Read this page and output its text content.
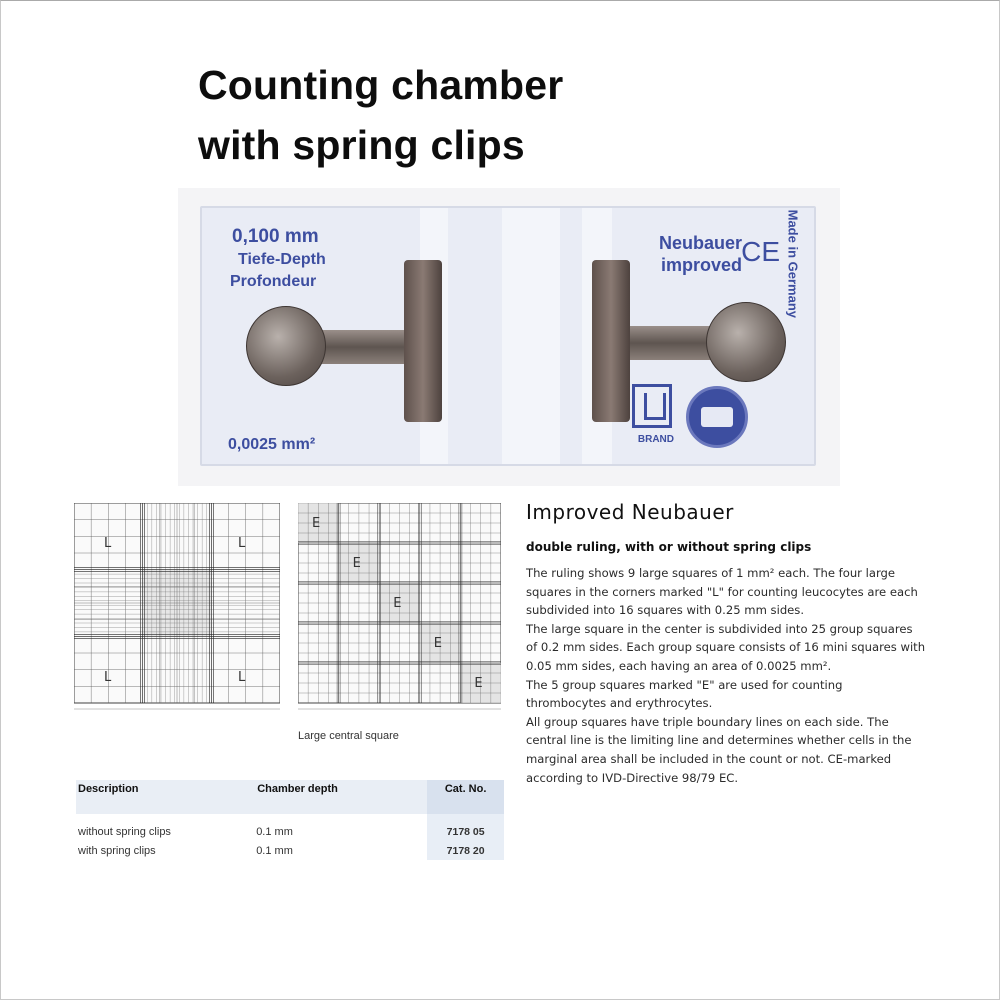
Counting chamber
with spring clips
0,100 mm
Tiefe-Depth
Profondeur
0,0025 mm²
Neubauer
improved CE Made in Germany
BRAND
L	L
L	L
E
E
E
E
E
Large central square
Improved Neubauer
double ruling, with or without spring clips

The ruling shows 9 large squares of 1 mm² each. The four large squares in the corners marked "L" for counting leucocytes are each subdivided into 16 squares with 0.25 mm sides.

The large square in the center is subdivided into 25 group squares of 0.2 mm sides. Each group square consists of 16 mini squares with 0.05 mm sides, each having an area of 0.0025 mm².

The 5 group squares marked "E" are used for counting thrombocytes and erythrocytes.

All group squares have triple boundary lines on each side. The central line is the limiting line and determines whether cells in the marginal area shall be included in the count or not. CE-marked according to IVD-Directive 98/79 EC.

Description	Chamber depth	Cat. No.

without spring clips	0.1 mm	7178 05
with spring clips	0.1 mm	7178 20
